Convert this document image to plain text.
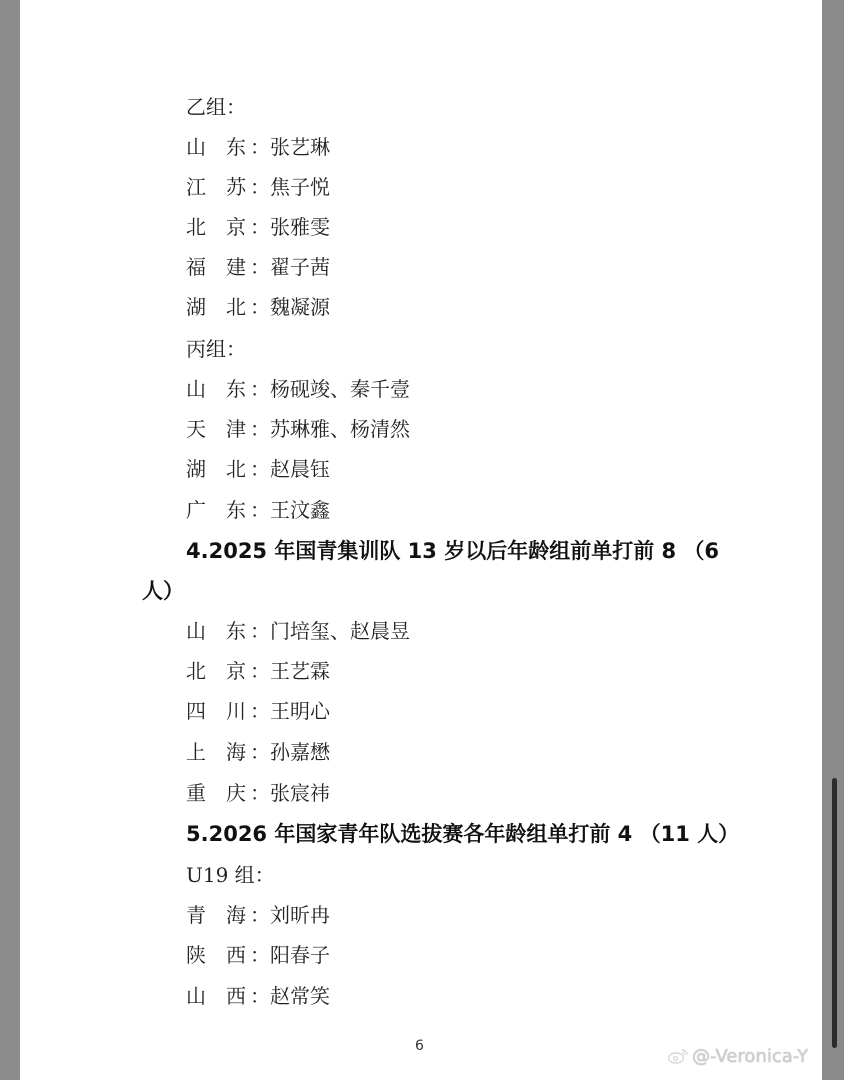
乙组：
山 东 ：张艺琳
江 苏 ：焦子悦
北 京 ：张雅雯
福 建 ：翟子茜
湖 北 ：魏凝源
丙组：
山 东 ：杨砚竣、秦千壹
天 津 ：苏琳雅、杨清然
湖 北 ：赵晨钰
广 东 ：王汶鑫
4.2025 年国青集训队 13 岁以后年龄组前单打前 8 （6
人）
山 东 ：门培玺、赵晨昱
北 京 ：王艺霖
四 川 ：王明心
上 海 ：孙嘉懋
重 庆 ：张宸祎
5.2026 年国家青年队选拔赛各年龄组单打前 4 （11 人）
U19 组：
青 海 ：刘昕冉
陕 西 ：阳春子
山 西 ：赵常笑
6	@-Veronica-Y
